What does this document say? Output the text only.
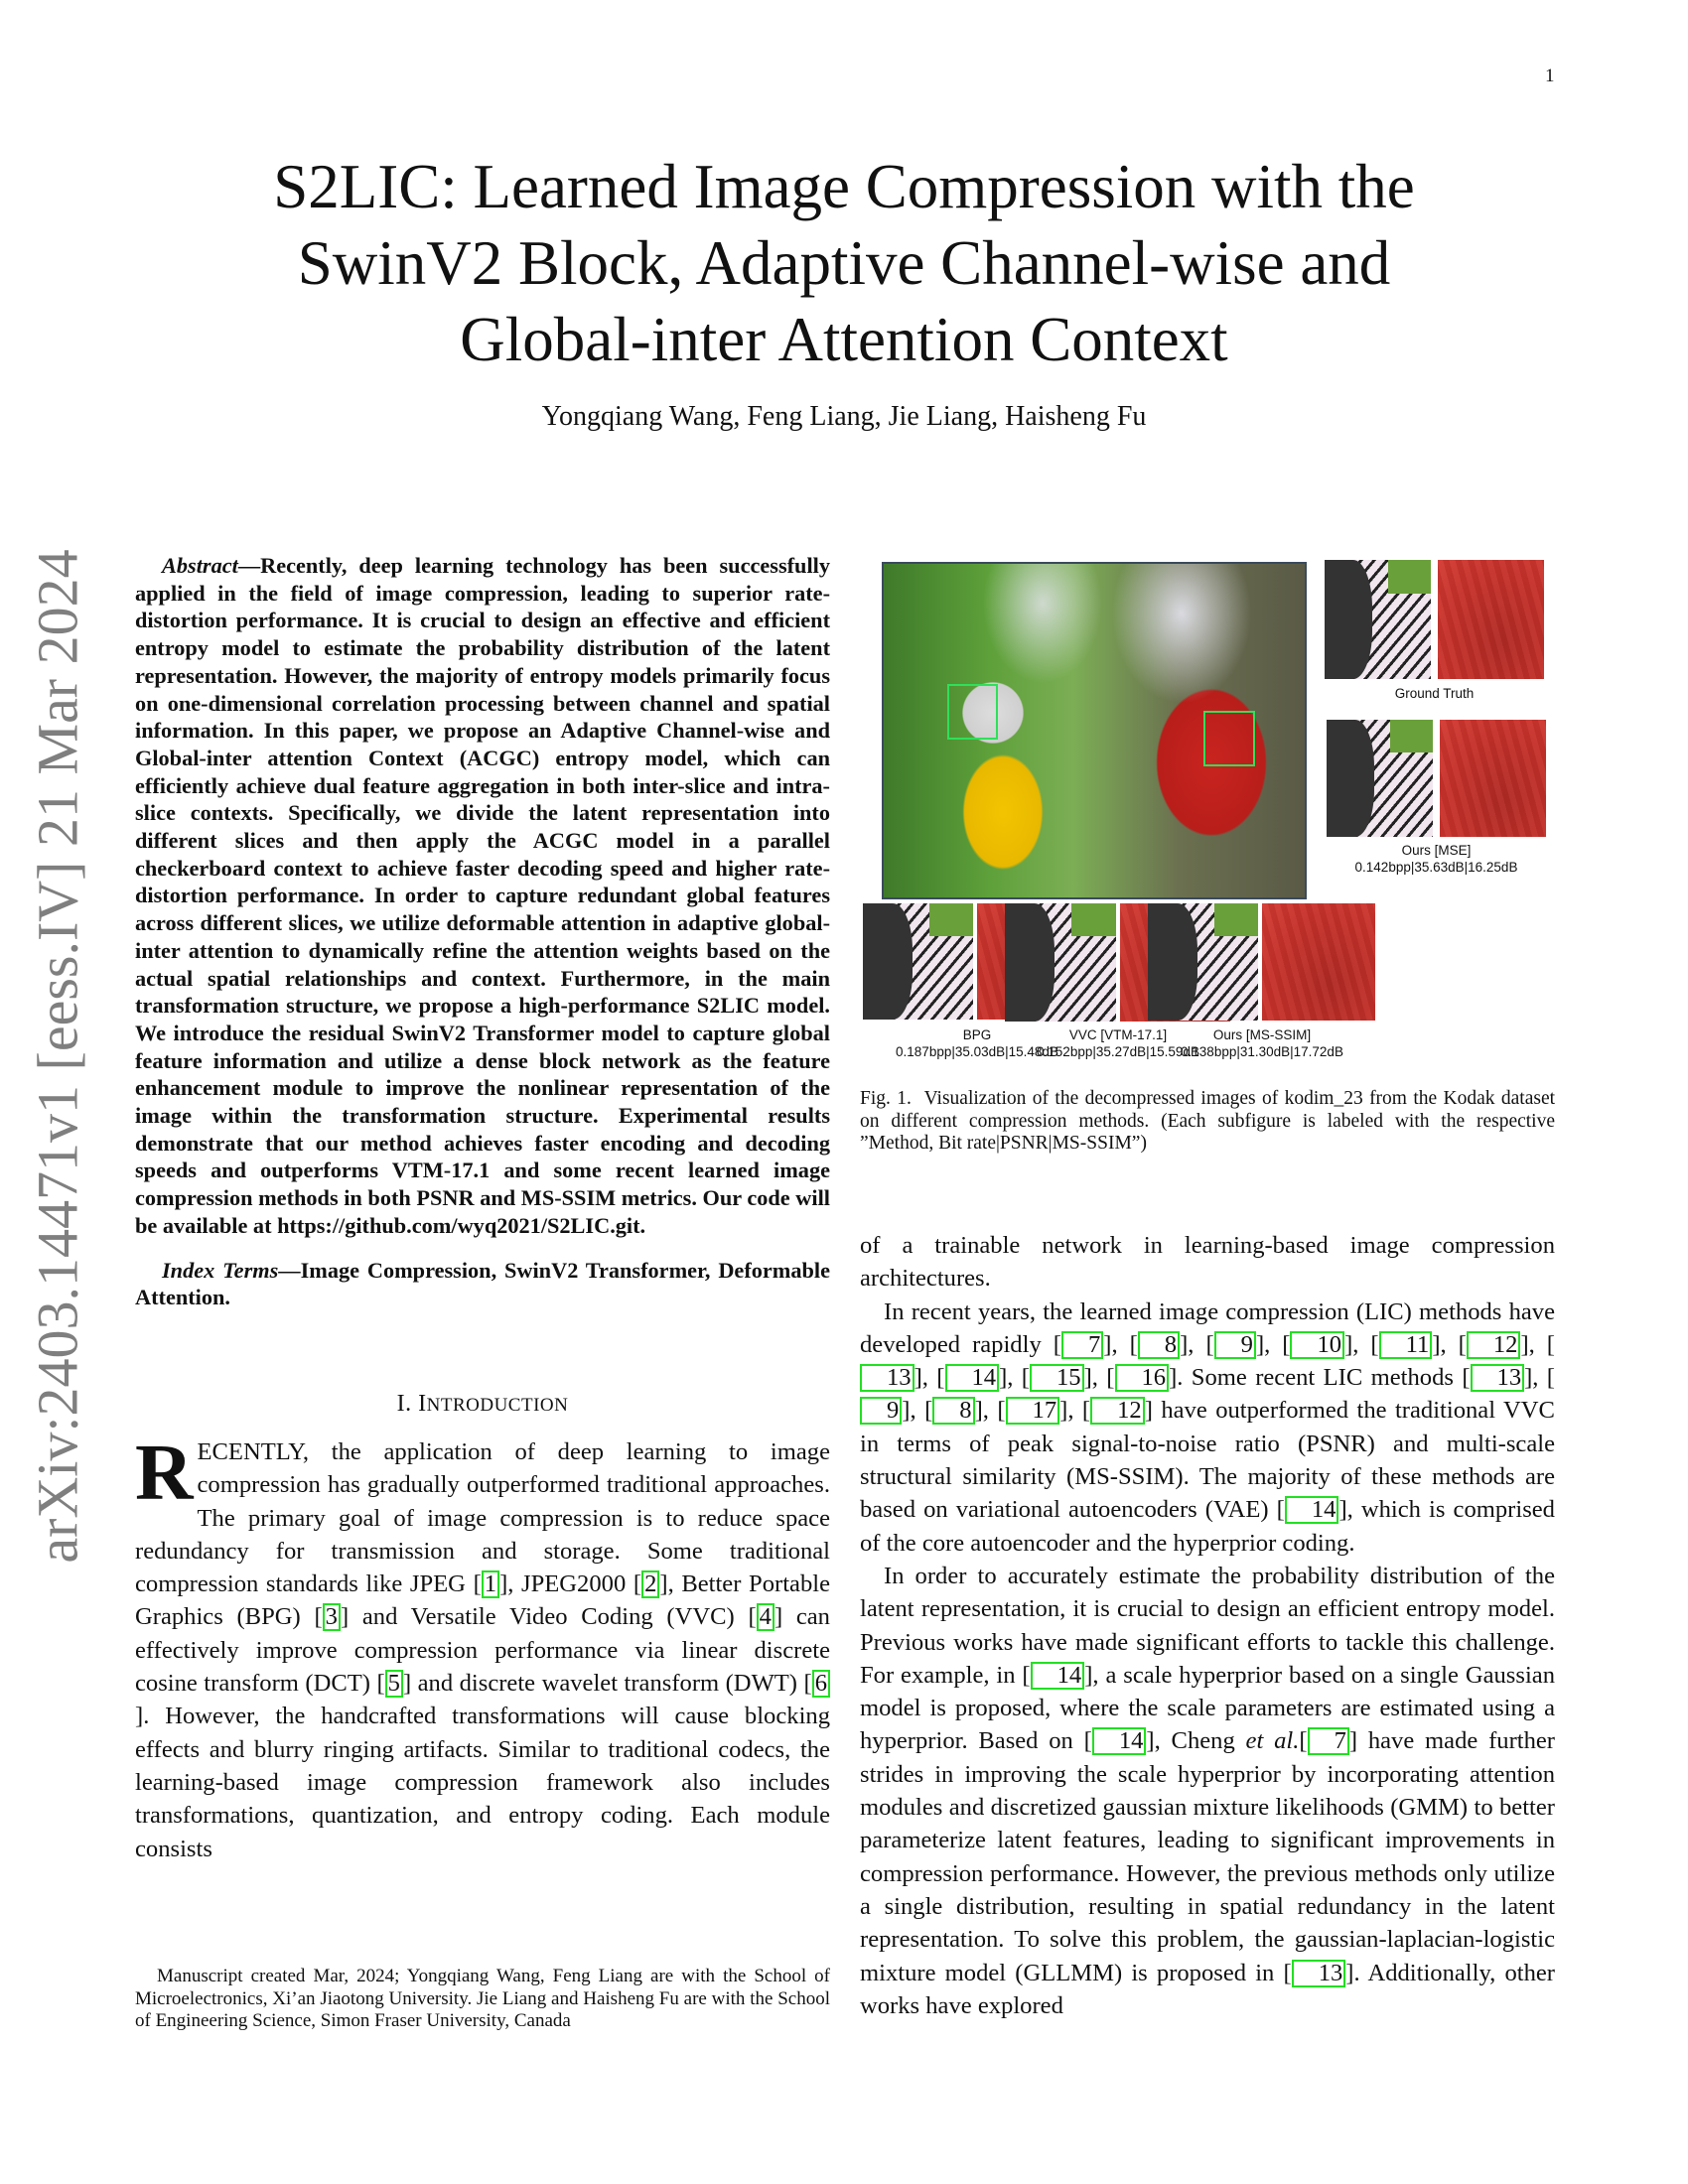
1
arXiv:2403.14471v1 [eess.IV] 21 Mar 2024
S2LIC: Learned Image Compression with the
SwinV2 Block, Adaptive Channel-wise and
Global-inter Attention Context
Yongqiang Wang, Feng Liang, Jie Liang, Haisheng Fu

Abstract—Recently, deep learning technology has been successfully applied in the field of image compression, leading to superior rate-distortion performance. It is crucial to design an effective and efficient entropy model to estimate the probability distribution of the latent representation. However, the majority of entropy models primarily focus on one-dimensional correlation processing between channel and spatial information. In this paper, we propose an Adaptive Channel-wise and Global-inter attention Context (ACGC) entropy model, which can efficiently achieve dual feature aggregation in both inter-slice and intra-slice contexts. Specifically, we divide the latent representation into different slices and then apply the ACGC model in a parallel checkerboard context to achieve faster decoding speed and higher rate-distortion performance. In order to capture redundant global features across different slices, we utilize deformable attention in adaptive global-inter attention to dynamically refine the attention weights based on the actual spatial relationships and context. Furthermore, in the main transformation structure, we propose a high-performance S2LIC model. We introduce the residual SwinV2 Transformer model to capture global feature information and utilize a dense block network as the feature enhancement module to improve the nonlinear representation of the image within the transformation structure. Experimental results demonstrate that our method achieves faster encoding and decoding speeds and outperforms VTM-17.1 and some recent learned image compression methods in both PSNR and MS-SSIM metrics. Our code will be available at https://github.com/wyq2021/S2LIC.git.

Index Terms—Image Compression, SwinV2 Transformer, Deformable Attention.

I. INTRODUCTION

RECENTLY, the application of deep learning to image compression has gradually outperformed traditional approaches. The primary goal of image compression is to reduce space redundancy for transmission and storage. Some traditional compression standards like JPEG [ 1 ], JPEG2000 [ 2 ], Better Portable Graphics (BPG) [ 3 ] and Versatile Video Coding (VVC) [ 4 ] can effectively improve compression performance via linear discrete cosine transform (DCT) [ 5 ] and discrete wavelet transform (DWT) [ 6]. However, the handcrafted transformations will cause blocking effects and blurry ringing artifacts. Similar to traditional codecs, the learning-based image compression framework also includes transformations, quantization, and entropy coding. Each module consists

Manuscript created Mar, 2024; Yongqiang Wang, Feng Liang are with the School of Microelectronics, Xi’an Jiaotong University. Jie Liang and Haisheng Fu are with the School of Engineering Science, Simon Fraser University, Canada

Ground Truth
Ours [MSE]
0.142bpp|35.63dB|16.25dB
BPG
0.187bpp|35.03dB|15.48dB
VVC [VTM-17.1]
0.152bpp|35.27dB|15.59dB
Ours [MS-SSIM]
0.138bpp|31.30dB|17.72dB
Fig. 1. Visualization of the decompressed images of kodim_23 from the Kodak dataset on different compression methods. (Each subfigure is labeled with the respective ”Method, Bit rate|PSNR|MS-SSIM”)

of a trainable network in learning-based image compression architectures.

In recent years, the learned image compression (LIC) methods have developed rapidly [ 7 ], [ 8 ], [ 9 ], [ 10 ], [ 11 ], [ 12 ], [13 ], [ 14 ], [ 15 ], [ 16 ]. Some recent LIC methods [ 13 ], [9 ], [ 8 ], [ 17 ], [ 12 ] have outperformed the traditional VVC in terms of peak signal-to-noise ratio (PSNR) and multi-scale structural similarity (MS-SSIM). The majority of these methods are based on variational autoencoders (VAE) [ 14 ], which is comprised of the core autoencoder and the hyperprior coding.

In order to accurately estimate the probability distribution of the latent representation, it is crucial to design an efficient entropy model. Previous works have made significant efforts to tackle this challenge. For example, in [ 14 ], a scale hyperprior based on a single Gaussian model is proposed, where the scale parameters are estimated using a hyperprior. Based on [ 14 ], Cheng et al.[ 7 ] have made further strides in improving the scale hyperprior by incorporating attention modules and discretized gaussian mixture likelihoods (GMM) to better parameterize latent features, leading to significant improvements in compression performance. However, the previous methods only utilize a single distribution, resulting in spatial redundancy in the latent representation. To solve this problem, the gaussian-laplacian-logistic mixture model (GLLMM) is proposed in [ 13 ]. Additionally, other works have explored
